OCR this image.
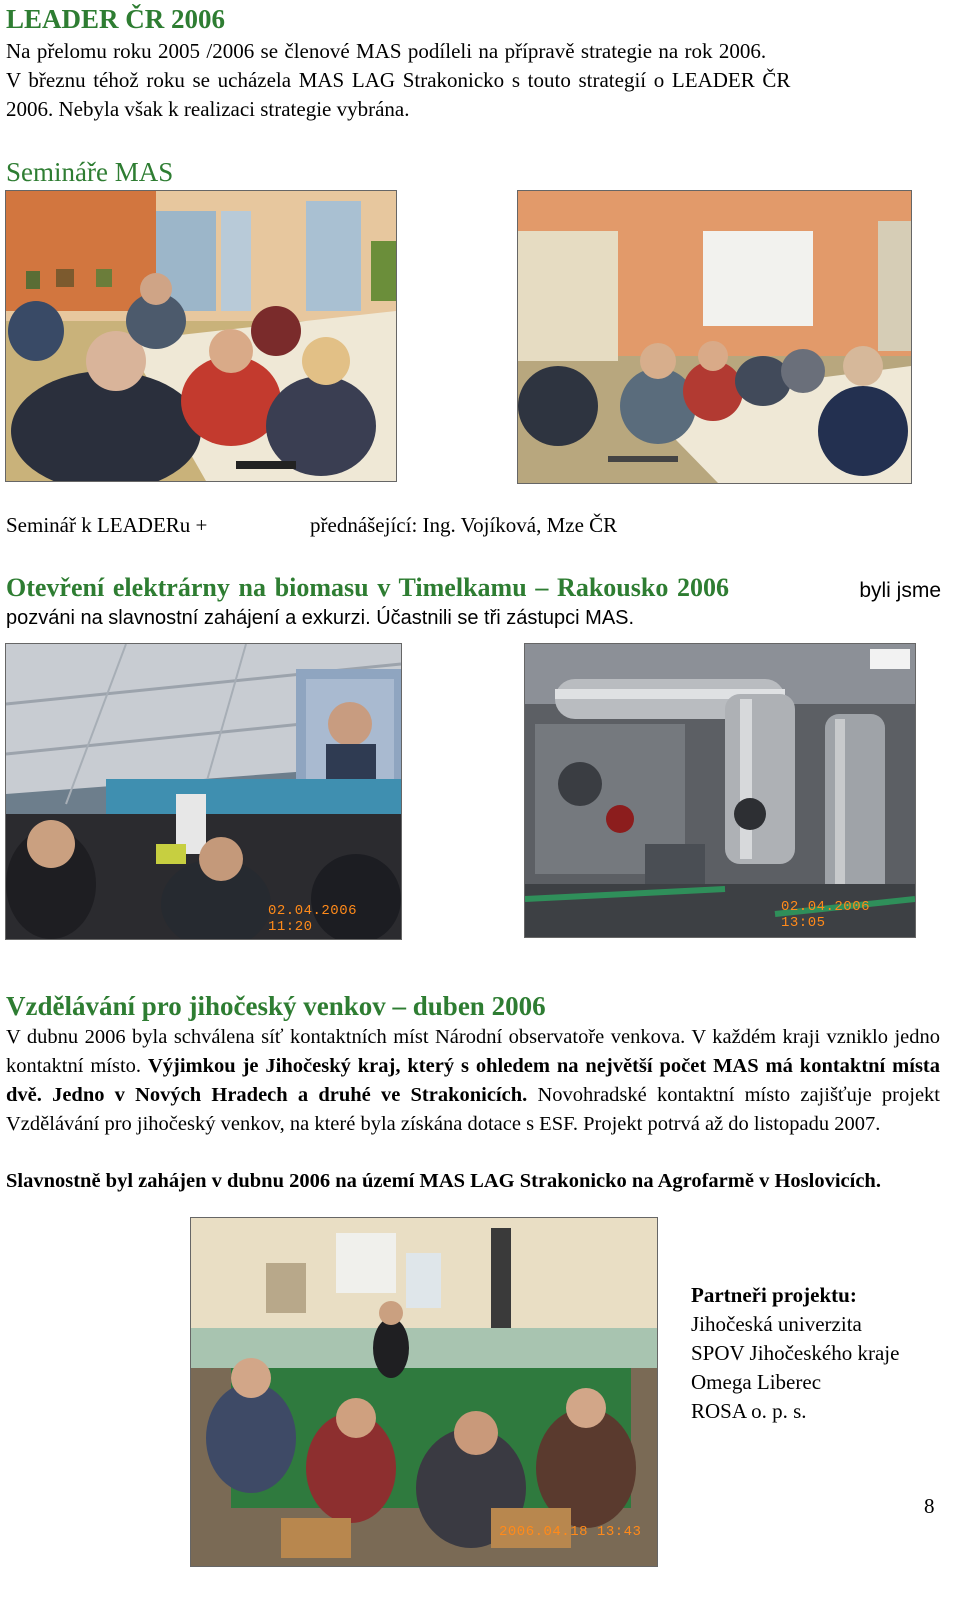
LEADER ČR 2006
Na přelomu roku 2005 /2006 se členové MAS podíleli na přípravě strategie na rok 2006.
V březnu téhož roku se ucházela MAS LAG Strakonicko s touto strategií o LEADER ČR
2006. Nebyla však k realizaci strategie vybrána.
Semináře MAS
Seminář k LEADERu +	přednášející: Ing. Vojíková, Mze ČR
Otevření elektrárny na biomasu v Timelkamu – Rakousko 2006	byli jsme
pozváni na slavnostní zahájení a exkurzi. Účastnili se tři zástupci MAS.
02.04.2006 11:20
02.04.2006 13:05
Vzdělávání pro jihočeský venkov – duben 2006
V dubnu 2006 byla schválena síť kontaktních míst Národní observatoře venkova. V každém kraji vzniklo jedno kontaktní místo. Výjimkou je Jihočeský kraj, který s ohledem na největší počet MAS má kontaktní místa dvě. Jedno v Nových Hradech a druhé ve Strakonicích. Novohradské kontaktní místo zajišťuje projekt Vzdělávání pro jihočeský venkov, na které byla získána dotace s ESF. Projekt potrvá až do listopadu 2007.
Slavnostně byl zahájen v dubnu 2006 na území MAS LAG Strakonicko na Agrofarmě v Hoslovicích.
2006.04.18 13:43
Partneři projektu:
Jihočeská univerzita
SPOV Jihočeského kraje
Omega Liberec
ROSA o. p. s.
8
